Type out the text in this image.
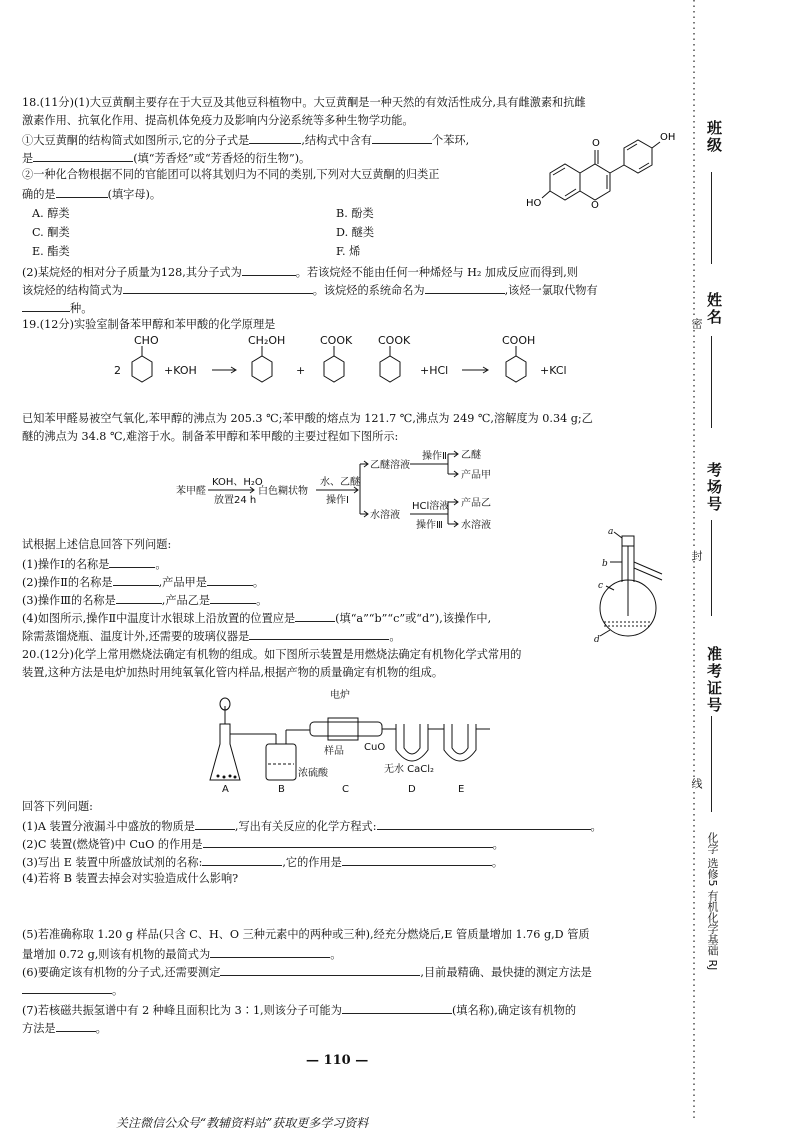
18.(11分)(1)大豆黄酮主要存在于大豆及其他豆科植物中。大豆黄酮是一种天然的有效活性成分,具有雌激素和抗雌
激素作用、抗氧化作用、提高机体免疫力及影响内分泌系统等多种生物学功能。
①大豆黄酮的结构简式如图所示,它的分子式是	,结构式中含有	个苯环,
是	(填“芳香烃”或“芳香烃的衍生物”)。
②一种化合物根据不同的官能团可以将其划归为不同的类别,下列对大豆黄酮的归类正
确的是	(填字母)。
A. 醇类	B. 酚类
C. 酮类	D. 醚类
E. 酯类	F. 烯
(2)某烷烃的相对分子质量为128,其分子式为	。若该烷烃不能由任何一种烯烃与 H₂ 加成反应而得到,则
该烷烃的结构简式为	。该烷烃的系统命名为	,该烃一氯取代物有
种。
O
OH
HO	O
19.(12分)实验室制备苯甲醇和苯甲酸的化学原理是
CHO
2	+KOH
CH₂OH
+
COOK COOK
+HCl
COOH
+KCl
已知苯甲醛易被空气氧化,苯甲醇的沸点为 205.3 ℃;苯甲酸的熔点为 121.7 ℃,沸点为 249 ℃,溶解度为 0.34 g;乙
醚的沸点为 34.8 ℃,难溶于水。制备苯甲醇和苯甲酸的主要过程如下图所示:
苯甲醛
KOH、H₂O
放置24 h
白色糊状物
水、乙醚
操作Ⅰ
乙醚溶液
操作Ⅱ 乙醚
产品甲
水溶液
HCl溶液
操作Ⅲ
产品乙
水溶液
试根据上述信息回答下列问题:
(1)操作Ⅰ的名称是	。
(2)操作Ⅱ的名称是	,产品甲是	。
(3)操作Ⅲ的名称是	,产品乙是	。
(4)如图所示,操作Ⅱ中温度计水银球上沿放置的位置应是	(填“a”“b”“c”或“d”),该操作中,
除需蒸馏烧瓶、温度计外,还需要的玻璃仪器是	。
a
b
c
d
20.(12分)化学上常用燃烧法确定有机物的组成。如下图所示装置是用燃烧法确定有机物化学式常用的
装置,这种方法是电炉加热时用纯氧氧化管内样品,根据产物的质量确定有机物的组成。
电炉
样品 CuO
浓硫酸	无水 CaCl₂
A	B	C	D	E
回答下列问题:
(1)A 装置分液漏斗中盛放的物质是	,写出有关反应的化学方程式:	。
(2)C 装置(燃烧管)中 CuO 的作用是	。
(3)写出 E 装置中所盛放试剂的名称:	,它的作用是	。
(4)若将 B 装置去掉会对实验造成什么影响?
(5)若准确称取 1.20 g 样品(只含 C、H、O 三种元素中的两种或三种),经充分燃烧后,E 管质量增加 1.76 g,D 管质
量增加 0.72 g,则该有机物的最简式为	。
(6)要确定该有机物的分子式,还需要测定	,目前最精确、最快捷的测定方法是
。
(7)若核磁共振氢谱中有 2 种峰且面积比为 3∶1,则该分子可能为	(填名称),确定该有机物的
方法是	。
— 110 —
关注微信公众号“教辅资料站”获取更多学习资料
班级
姓名
考场号
准考证号
密
封
线
化学 选修5 有机化学基础 RJ
